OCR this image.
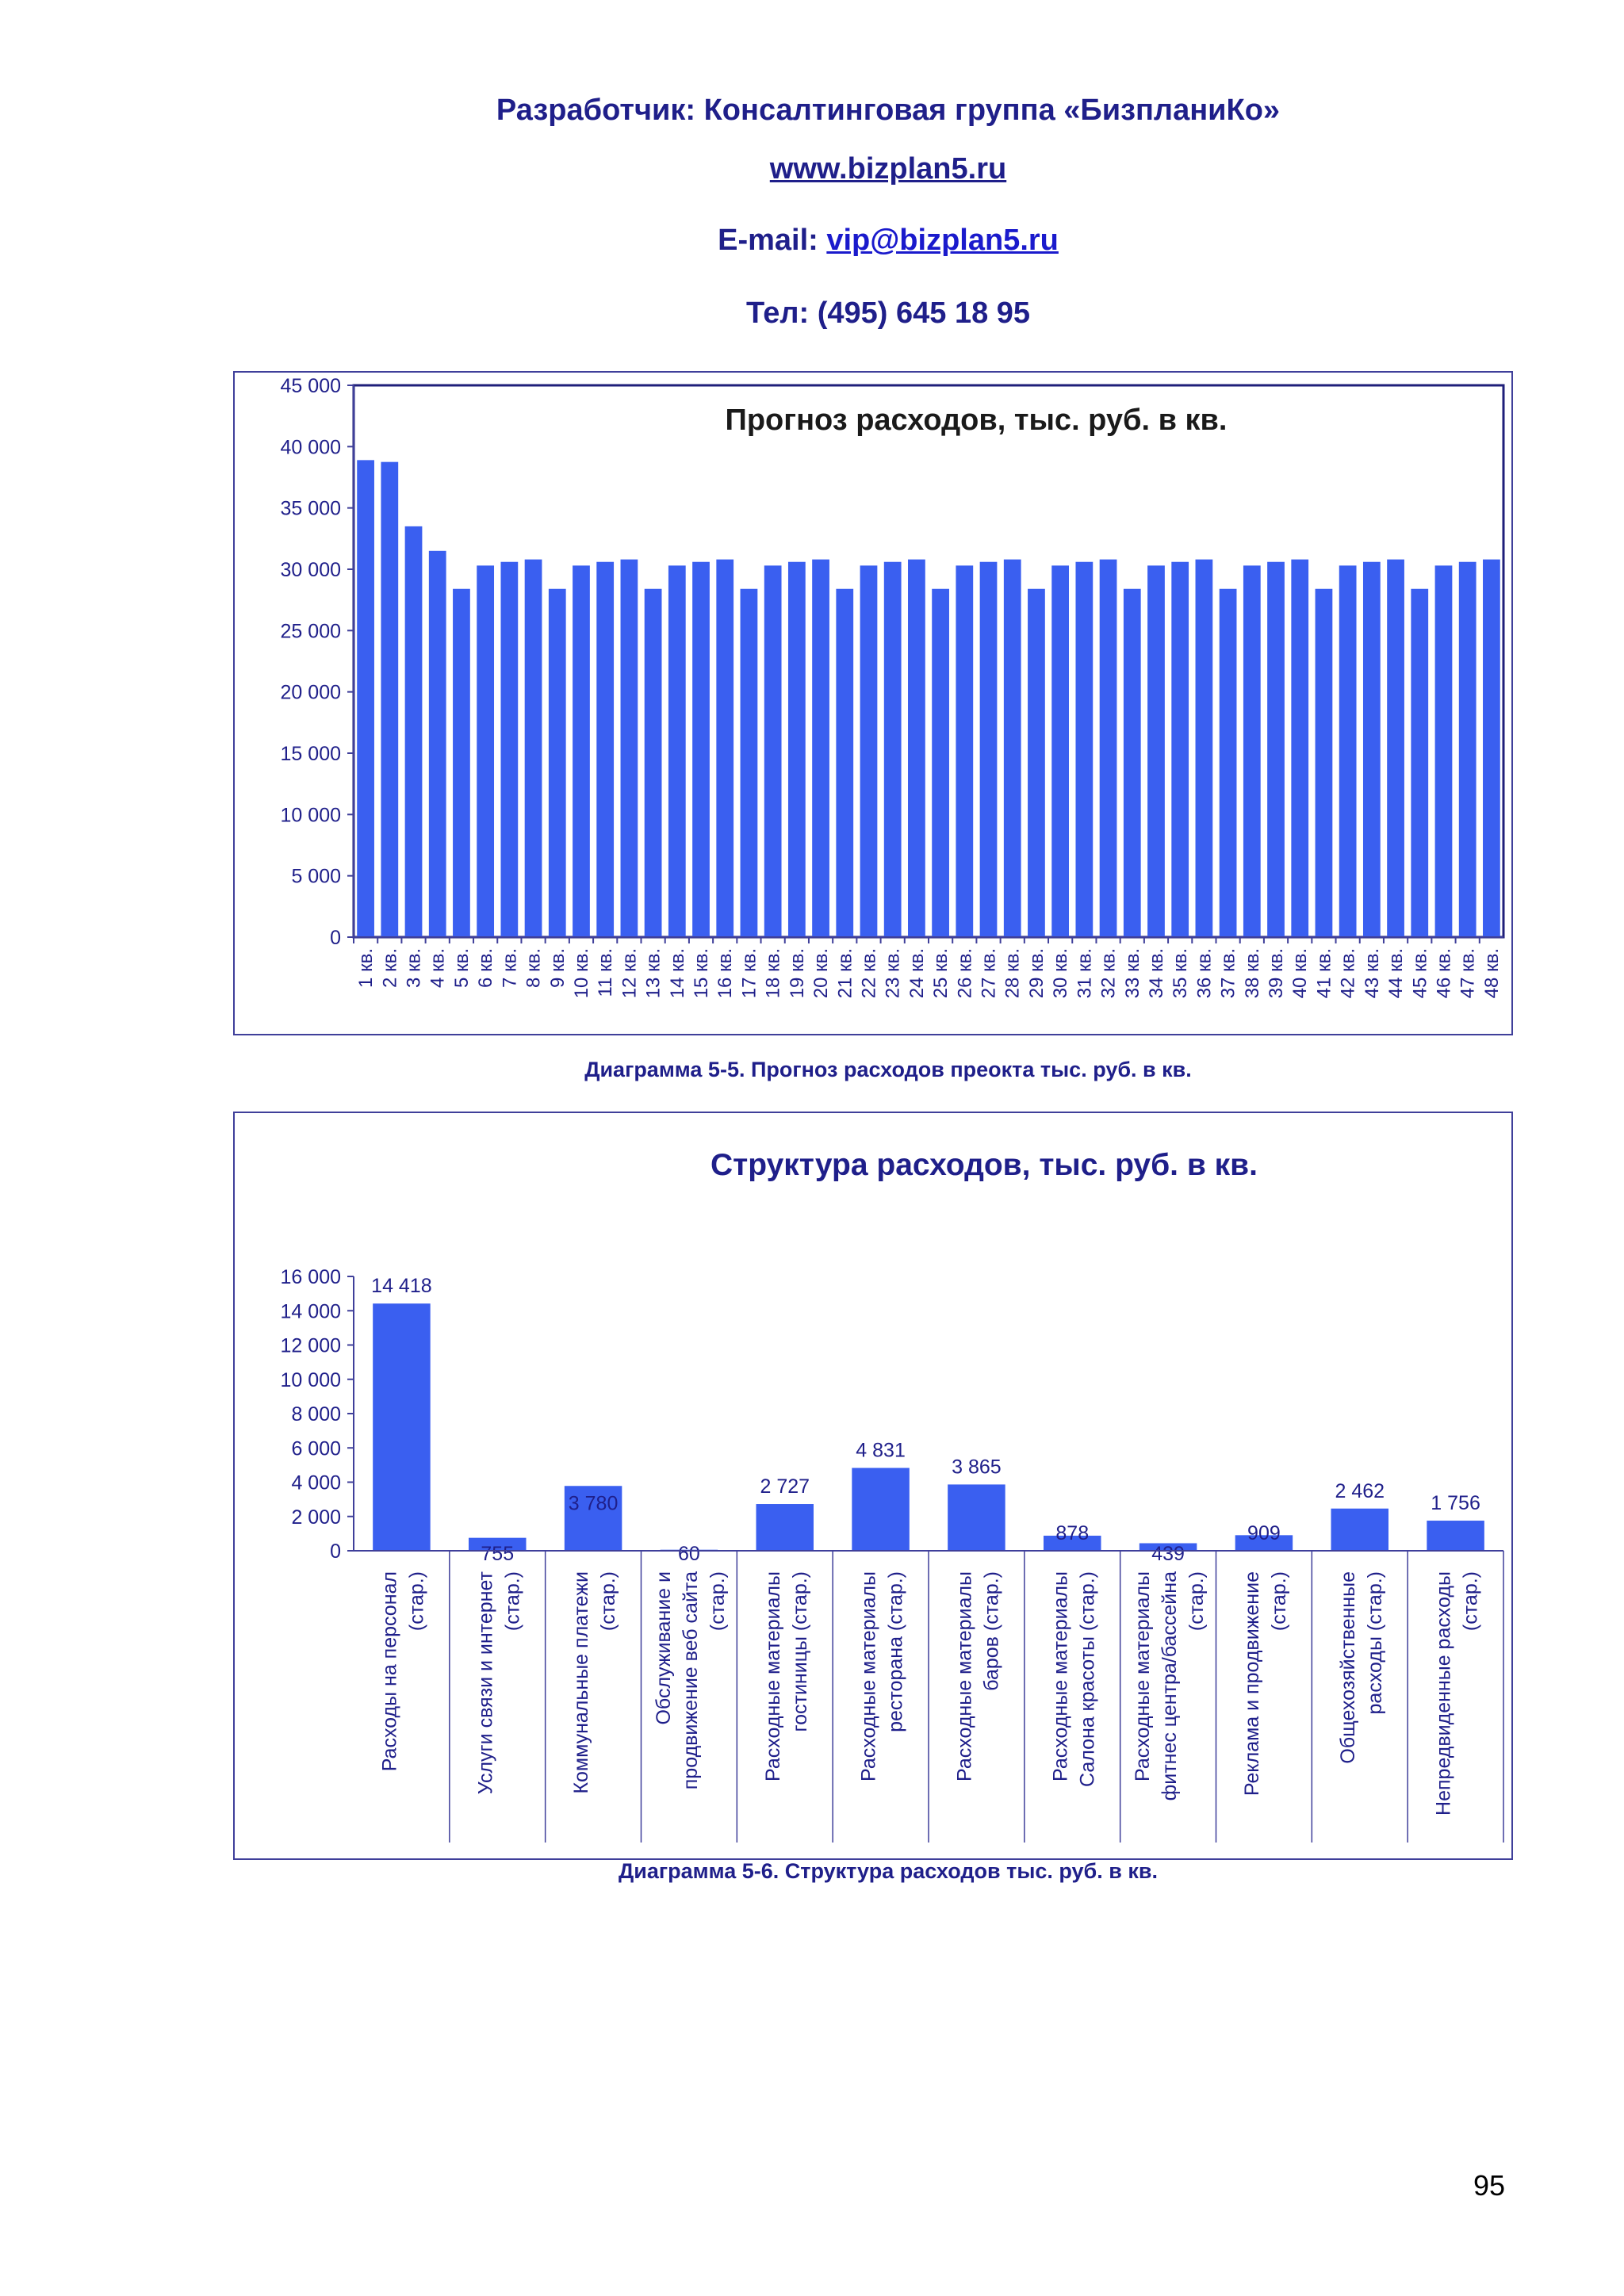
Разработчик: Консалтинговая группа «БизпланиКо»
www.bizplan5.ru
E-mail: vip@bizplan5.ru
Тел: (495) 645 18 95
0
5 000
10 000
15 000
20 000
25 000
30 000
35 000
40 000
45 000
Прогноз расходов, тыс. руб. в кв.
1 кв. 2 кв. 3 кв. 4 кв. 5 кв. 6 кв. 7 кв. 8 кв. 9 кв. 10 кв. 11 кв. 12 кв. 13 кв. 14 кв. 15 кв. 16 кв. 17 кв. 18 кв. 19 кв. 20 кв. 21 кв. 22 кв. 23 кв. 24 кв. 25 кв. 26 кв. 27 кв. 28 кв. 29 кв. 30 кв. 31 кв. 32 кв. 33 кв. 34 кв. 35 кв. 36 кв. 37 кв. 38 кв. 39 кв. 40 кв. 41 кв. 42 кв. 43 кв. 44 кв. 45 кв. 46 кв. 47 кв. 48 кв.
Диаграмма 5-5. Прогноз расходов преокта тыс. руб. в кв.
Структура расходов, тыс. руб. в кв.
0
2 000
4 000
6 000
8 000
10 000
12 000
14 000
16 000 14 418
Расходы на персонал (стар.)
755
Услуги связи и интернет (стар.)
3 780
Коммунальные платежи (стар.)
60
Обслуживание и продвижение веб сайта (стар.)
2 727
Расходные материалы гостиницы (стар.)
4 831
Расходные материалы ресторана (стар.)
3 865
Расходные материалы баров (стар.)
878
Расходные материалы Салона красоты (стар.)
439
Расходные материалы фитнес центра/бассейна (стар.)
909
Реклама и продвижение (стар.)
2 462
Общехозяйственные расходы (стар.)
1 756
Непредвиденные расходы (стар.)
Диаграмма 5-6. Структура расходов тыс. руб. в кв.
95
